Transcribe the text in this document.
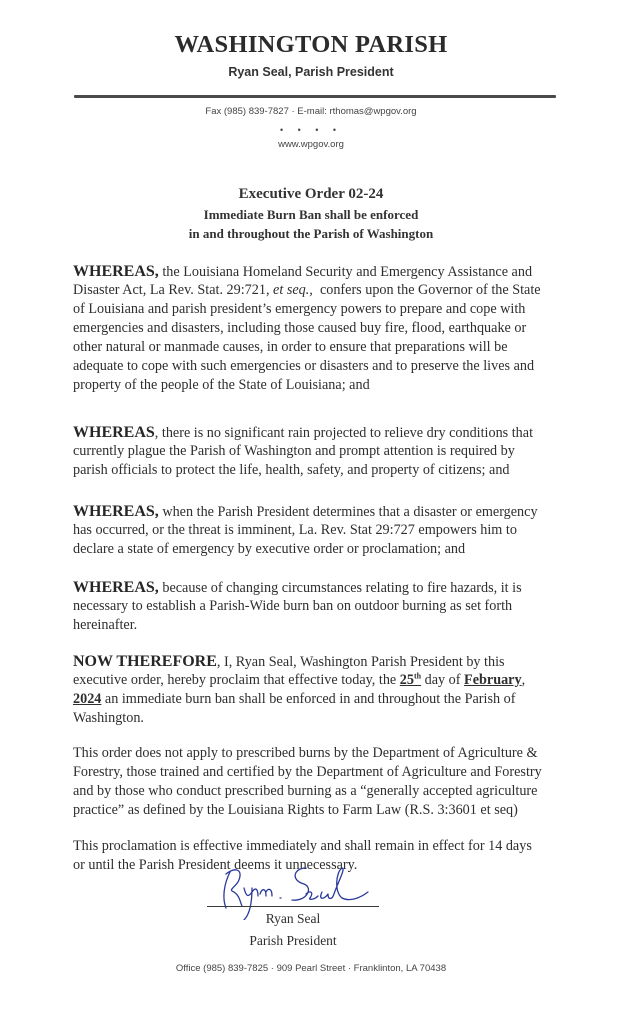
WASHINGTON PARISH
Ryan Seal, Parish President
Fax (985) 839-7827 · E-mail: rthomas@wpgov.org
• • • •
www.wpgov.org
Executive Order 02-24
Immediate Burn Ban shall be enforced
in and throughout the Parish of Washington
WHEREAS, the Louisiana Homeland Security and Emergency Assistance and
Disaster Act, La Rev. Stat. 29:721, et seq.,  confers upon the Governor of the State
of Louisiana and parish president’s emergency powers to prepare and cope with
emergencies and disasters, including those caused buy fire, flood, earthquake or
other natural or manmade causes, in order to ensure that preparations will be
adequate to cope with such emergencies or disasters and to preserve the lives and
property of the people of the State of Louisiana; and
WHEREAS, there is no significant rain projected to relieve dry conditions that
currently plague the Parish of Washington and prompt attention is required by
parish officials to protect the life, health, safety, and property of citizens; and
WHEREAS, when the Parish President determines that a disaster or emergency
has occurred, or the threat is imminent, La. Rev. Stat 29:727 empowers him to
declare a state of emergency by executive order or proclamation; and
WHEREAS, because of changing circumstances relating to fire hazards, it is
necessary to establish a Parish-Wide burn ban on outdoor burning as set forth
hereinafter.
NOW THEREFORE, I, Ryan Seal, Washington Parish President by this
executive order, hereby proclaim that effective today, the 25th day of February,
2024 an immediate burn ban shall be enforced in and throughout the Parish of
Washington.
This order does not apply to prescribed burns by the Department of Agriculture &
Forestry, those trained and certified by the Department of Agriculture and Forestry
and by those who conduct prescribed burning as a “generally accepted agriculture
practice” as defined by the Louisiana Rights to Farm Law (R.S. 3:3601 et seq)
This proclamation is effective immediately and shall remain in effect for 14 days
or until the Parish President deems it unnecessary.
Ryan Seal
Parish President
Office (985) 839-7825 · 909 Pearl Street · Franklinton, LA 70438
